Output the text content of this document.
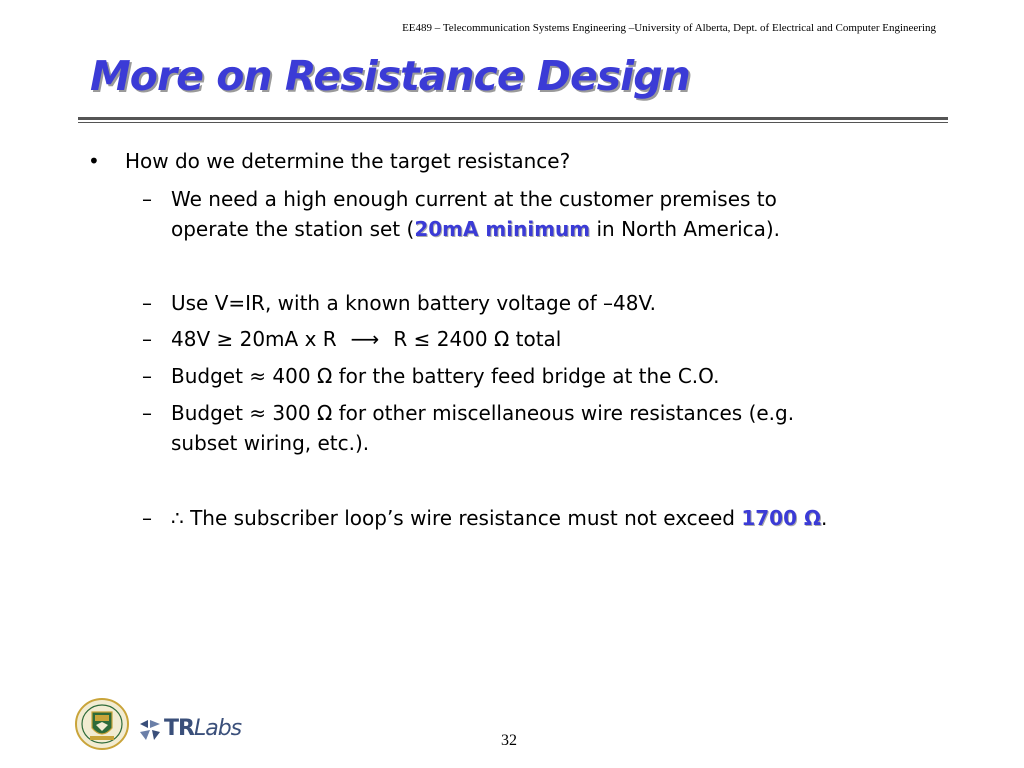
EE489 – Telecommunication Systems Engineering –University of Alberta, Dept. of Electrical and Computer Engineering
More on Resistance Design
• How do we determine the target resistance?
– We need a high enough current at the customer premises to
operate the station set (20mA minimum in North America).
– Use V=IR, with a known battery voltage of –48V.
– 48V ≥ 20mA x R ⟶ R ≤ 2400 Ω total
– Budget ≈ 400 Ω for the battery feed bridge at the C.O.
– Budget ≈ 300 Ω for other miscellaneous wire resistances (e.g.
subset wiring, etc.).
– ∴ The subscriber loop’s wire resistance must not exceed 1700 Ω.
TRLabs	32
